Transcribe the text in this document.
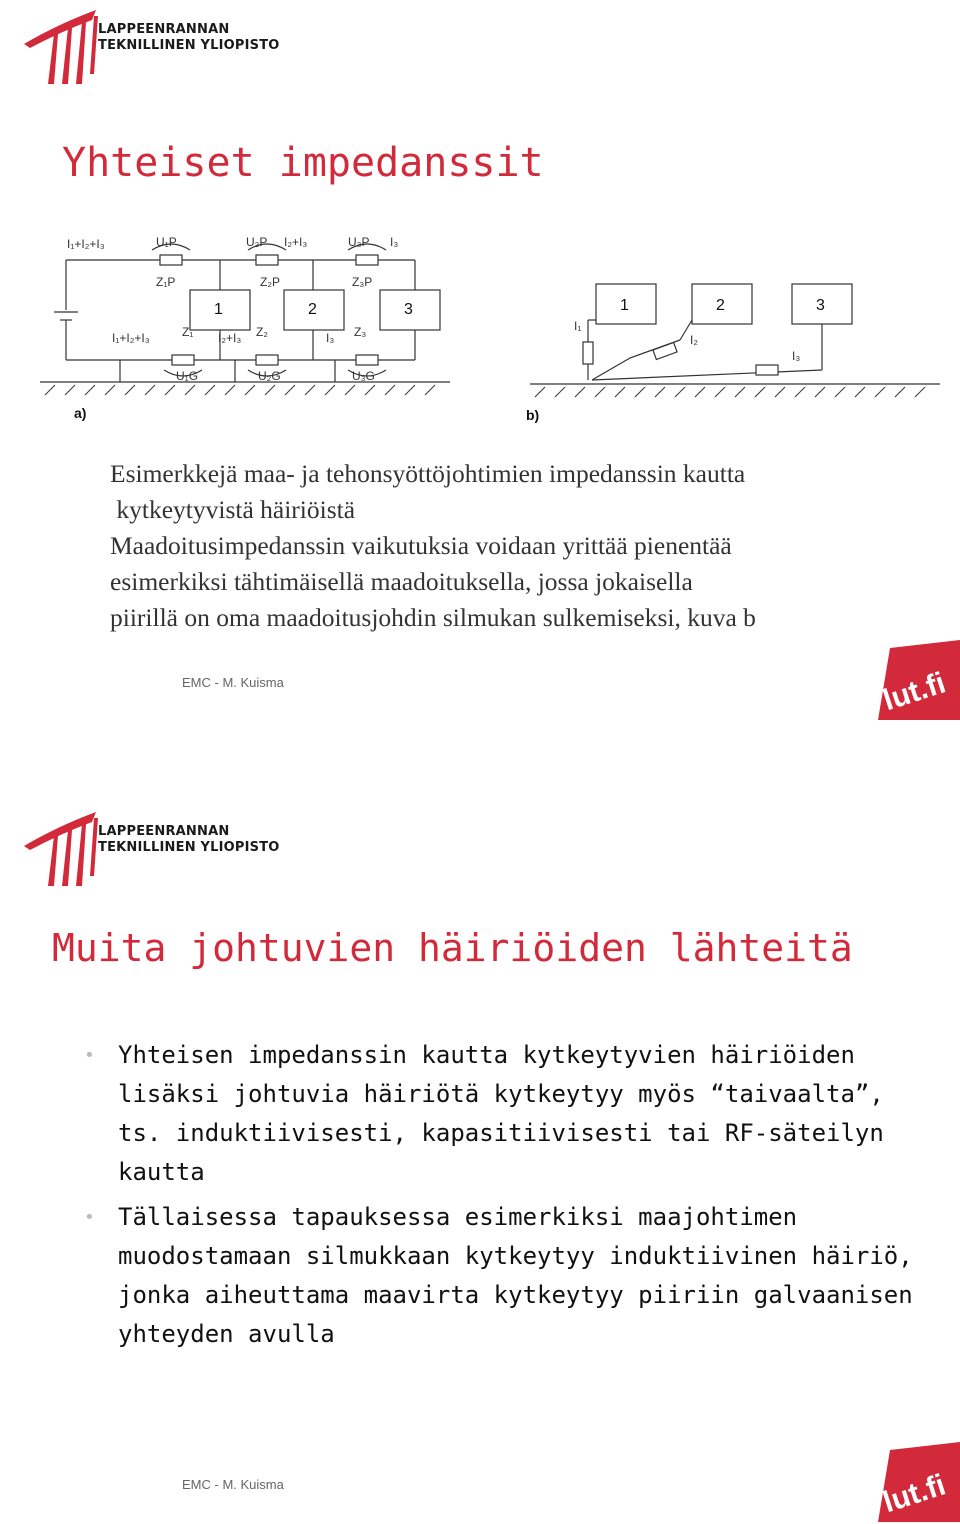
LAPPEENRANNAN
TEKNILLINEN YLIOPISTO
Yhteiset impedanssit
I₁+I₂+I₃	U₁P	U₂P I₂+I₃	U₃P I₃
Z₁P	Z₂P	Z₃P
I₁+I₂+I₃	Z₁ I₂+I₃ Z₂	I₃ Z₃
U₁G	U₂G	U₃G
I₁
I₂
I₃
1	2	3
a)
1	2	3
b)
Esimerkkejä maa- ja tehonsyöttöjohtimien impedanssin kautta
kytkeytyvistä häiriöistä
Maadoitusimpedanssin vaikutuksia voidaan yrittää pienentää
esimerkiksi tähtimäisellä maadoituksella, jossa jokaisella
piirillä on oma maadoitusjohdin silmukan sulkemiseksi, kuva b
EMC - M. Kuisma	lut.fi
LAPPEENRANNAN
TEKNILLINEN YLIOPISTO
Muita johtuvien häiriöiden lähteitä
• Yhteisen impedanssin kautta kytkeytyvien häiriöiden lisäksi johtuvia häiriötä kytkeytyy myös “taivaalta”, ts. induktiivisesti, kapasitiivisesti tai RF-säteilyn kautta
• Tällaisessa tapauksessa esimerkiksi maajohtimen muodostamaan silmukkaan kytkeytyy induktiivinen häiriö, jonka aiheuttama maavirta kytkeytyy piiriin galvaanisen yhteyden avulla
EMC - M. Kuisma	lut.fi
